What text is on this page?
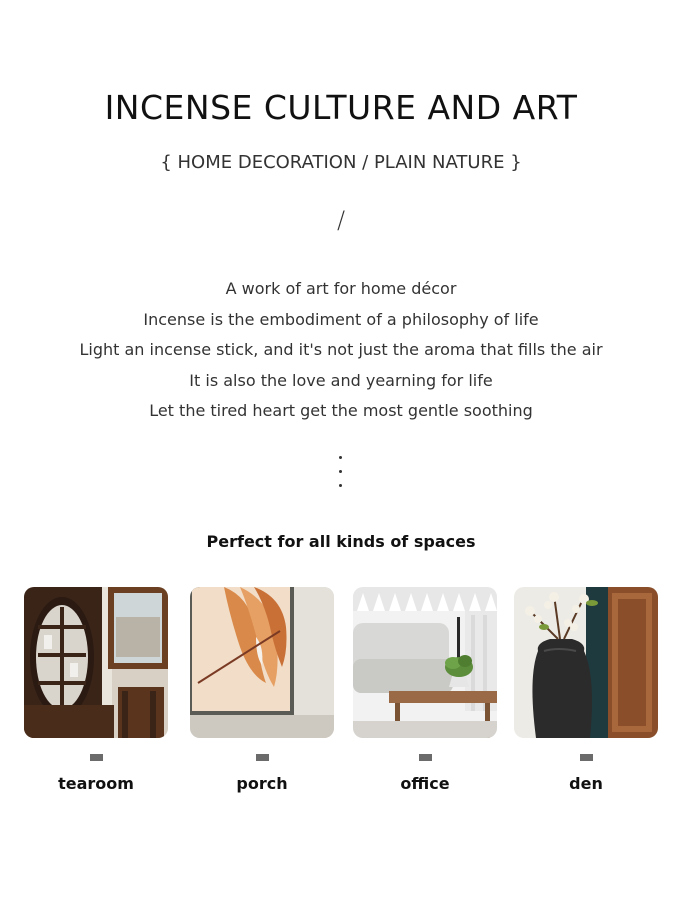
INCENSE CULTURE AND ART
{ HOME DECORATION / PLAIN NATURE }
/
A work of art for home décor
Incense is the embodiment of a philosophy of life
Light an incense stick, and it's not just the aroma that fills the air
It is also the love and yearning for life
Let the tired heart get the most gentle soothing
Perfect for all kinds of spaces
tearoom	porch	office	den
